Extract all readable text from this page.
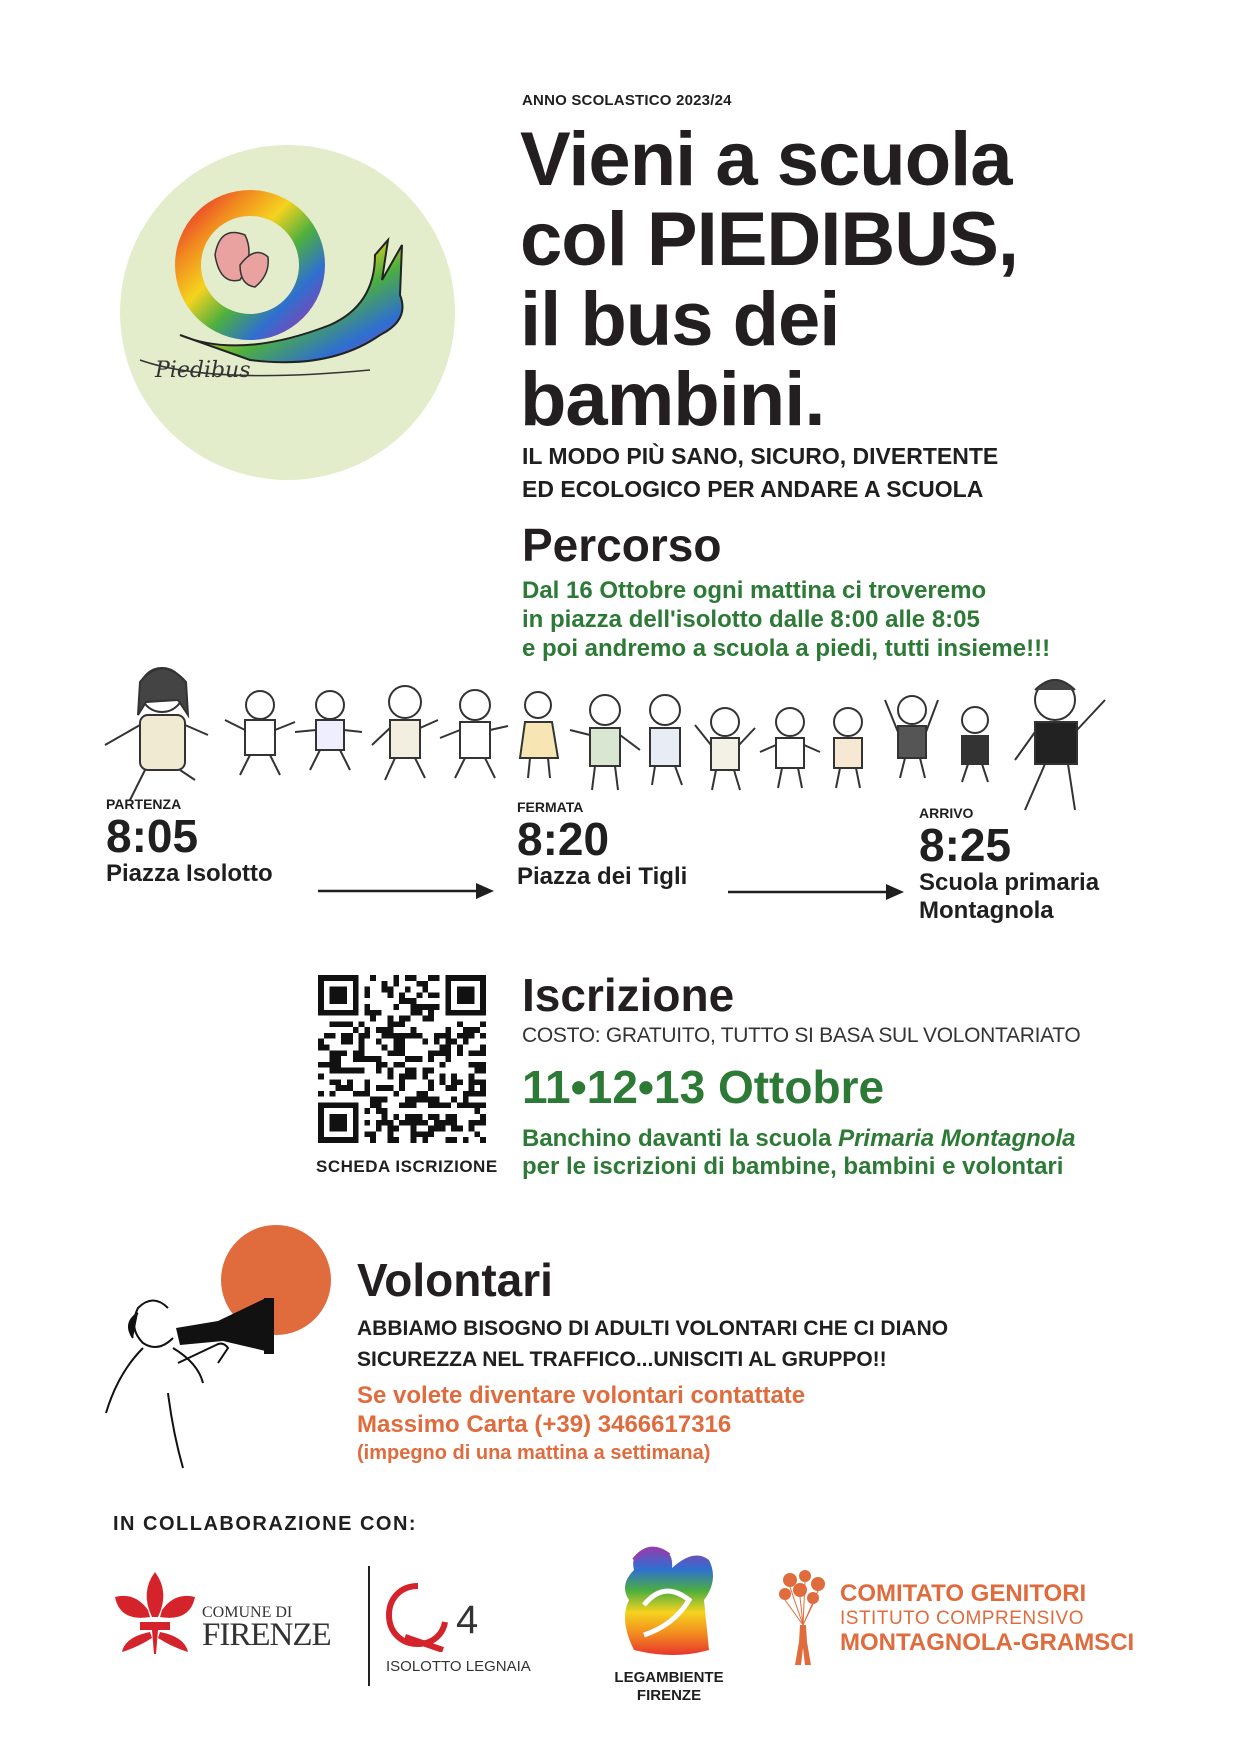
Piedibus
ANNO SCOLASTICO 2023/24
Vieni a scuola
col PIEDIBUS,
il bus dei
bambini.
IL MODO PIÙ SANO, SICURO, DIVERTENTE
ED ECOLOGICO PER ANDARE A SCUOLA
Percorso
Dal 16 Ottobre ogni mattina ci troveremo
in piazza dell'isolotto dalle 8:00 alle 8:05
e poi andremo a scuola a piedi, tutti insieme!!!
PARTENZA
8:05
Piazza Isolotto
FERMATA
8:20
Piazza dei Tigli
ARRIVO
8:25
Scuola primaria
Montagnola
SCHEDA ISCRIZIONE
Iscrizione
COSTO: GRATUITO, TUTTO SI BASA SUL VOLONTARIATO
11•12•13 Ottobre
Banchino davanti la scuola Primaria Montagnola
per le iscrizioni di bambine, bambini e volontari
Volontari
ABBIAMO BISOGNO DI ADULTI VOLONTARI CHE CI DIANO
SICUREZZA NEL TRAFFICO...UNISCITI AL GRUPPO!!
Se volete diventare volontari contattate
Massimo Carta (+39) 3466617316
(impegno di una mattina a settimana)
IN COLLABORAZIONE CON:
COMUNE DI
FIRENZE	4
ISOLOTTO LEGNAIA
LEGAMBIENTE
FIRENZE
COMITATO GENITORI
ISTITUTO COMPRENSIVO
MONTAGNOLA-GRAMSCI
